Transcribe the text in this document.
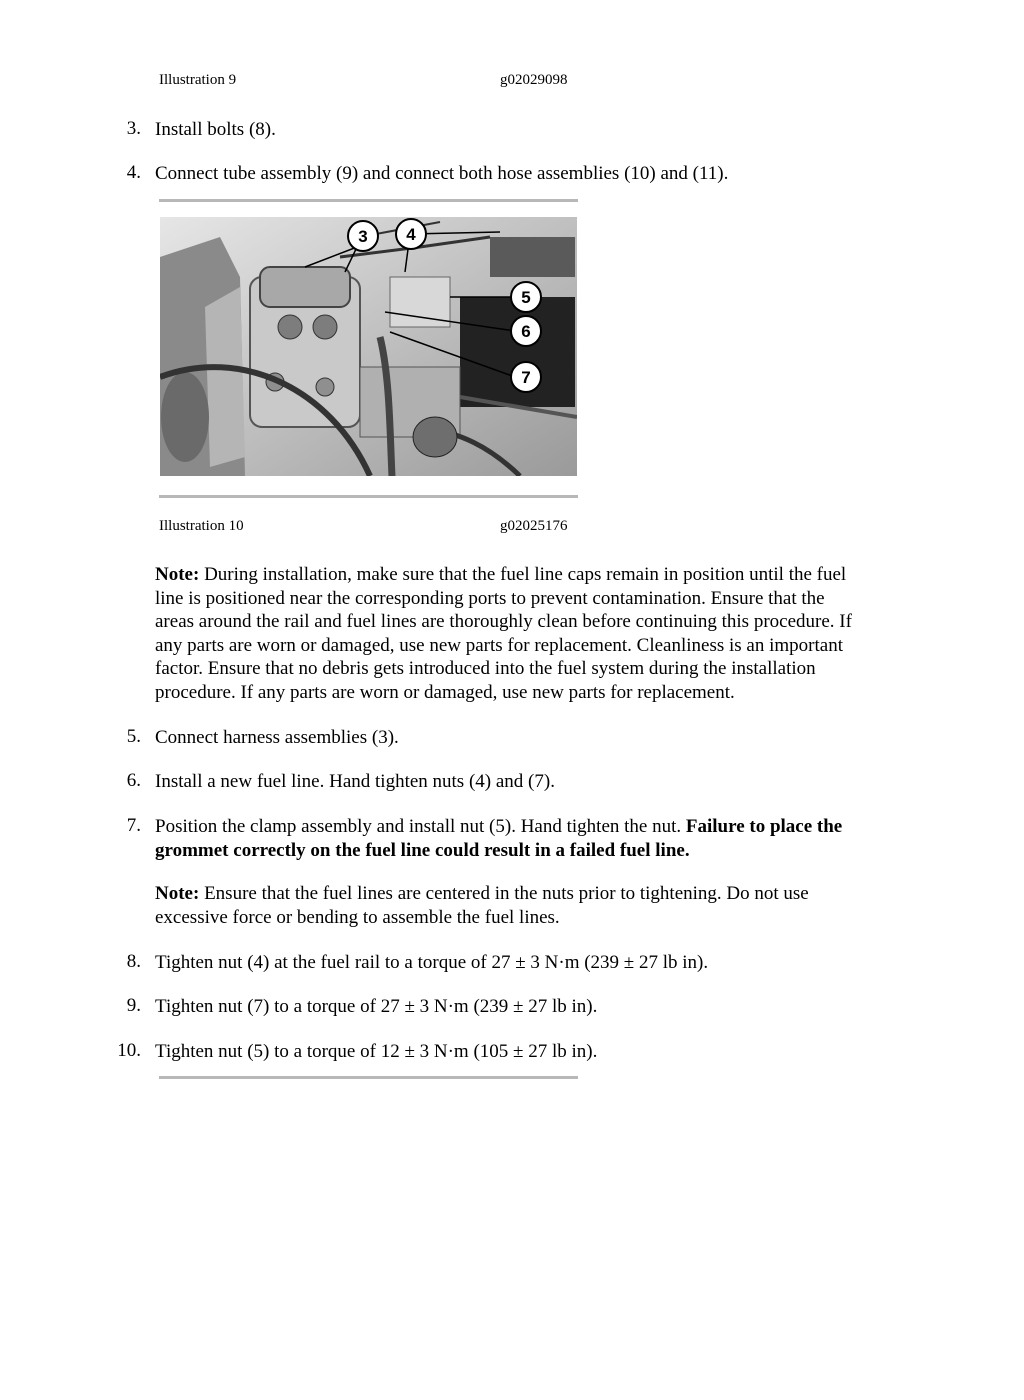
Illustration 9	g02029098
3. Install bolts (8).
4. Connect tube assembly (9) and connect both hose assemblies (10) and (11).
3 4
5
6
7
Illustration 10	g02025176
Note: During installation, make sure that the fuel line caps remain in position until the fuel
line is positioned near the corresponding ports to prevent contamination. Ensure that the
areas around the rail and fuel lines are thoroughly clean before continuing this procedure. If
any parts are worn or damaged, use new parts for replacement. Cleanliness is an important
factor. Ensure that no debris gets introduced into the fuel system during the installation
procedure. If any parts are worn or damaged, use new parts for replacement.
5. Connect harness assemblies (3).
6. Install a new fuel line. Hand tighten nuts (4) and (7).
7. Position the clamp assembly and install nut (5). Hand tighten the nut. Failure to place the
grommet correctly on the fuel line could result in a failed fuel line.
Note: Ensure that the fuel lines are centered in the nuts prior to tightening. Do not use
excessive force or bending to assemble the fuel lines.
8. Tighten nut (4) at the fuel rail to a torque of 27 ± 3 N·m (239 ± 27 lb in).
9. Tighten nut (7) to a torque of 27 ± 3 N·m (239 ± 27 lb in).
10. Tighten nut (5) to a torque of 12 ± 3 N·m (105 ± 27 lb in).
